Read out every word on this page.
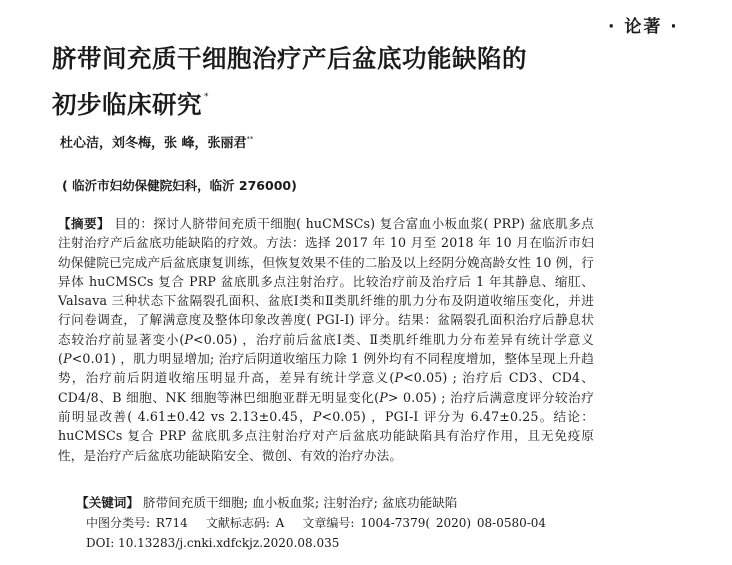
· 论著 ·
脐带间充质干细胞治疗产后盆底功能缺陷的
初步临床研究 *
杜心洁，刘冬梅，张 峰，张丽君**
( 临沂市妇幼保健院妇科，临沂 276000)
【摘要】 目的：探讨人脐带间充质干细胞( huCMSCs) 复合富血小板血浆( PRP) 盆底肌多点注射治疗产后盆底功能缺陷的疗效。方法：选择 2017 年 10 月至 2018 年 10 月在临沂市妇幼保健院已完成产后盆底康复训练，但恢复效果不佳的二胎及以上经阴分娩高龄女性 10 例，行异体 huCMSCs 复合 PRP 盆底肌多点注射治疗。比较治疗前及治疗后 1 年其静息、缩肛、Valsava 三种状态下盆隔裂孔面积、盆底Ⅰ类和Ⅱ类肌纤维的肌力分布及阴道收缩压变化，并进行问卷调查，了解满意度及整体印象改善度( PGI-I) 评分。结果：盆隔裂孔面积治疗后静息状态较治疗前显著变小(P<0.05) ，治疗前后盆底Ⅰ类、Ⅱ类肌纤维肌力分布差异有统计学意义(P<0.01) ，肌力明显增加; 治疗后阴道收缩压力除 1 例外均有不同程度增加，整体呈现上升趋势，治疗前后阴道收缩压明显升高，差异有统计学意义(P<0.05) ; 治疗后 CD3、CD4、CD4/8、B 细胞、NK 细胞等淋巴细胞亚群无明显变化(P> 0.05) ; 治疗后满意度评分较治疗前明显改善( 4.61±0.42 vs 2.13±0.45，P<0.05) ，PGI-I 评分为 6.47±0.25。结论：huCMSCs 复合 PRP 盆底肌多点注射治疗对产后盆底功能缺陷具有治疗作用，且无免疫原性，是治疗产后盆底功能缺陷安全、微创、有效的治疗办法。
【关键词】 脐带间充质干细胞; 血小板血浆; 注射治疗; 盆底功能缺陷
中图分类号: R714 文献标志码: A 文章编号: 1004-7379( 2020) 08-0580-04
DOI: 10.13283/j.cnki.xdfckjz.2020.08.035
